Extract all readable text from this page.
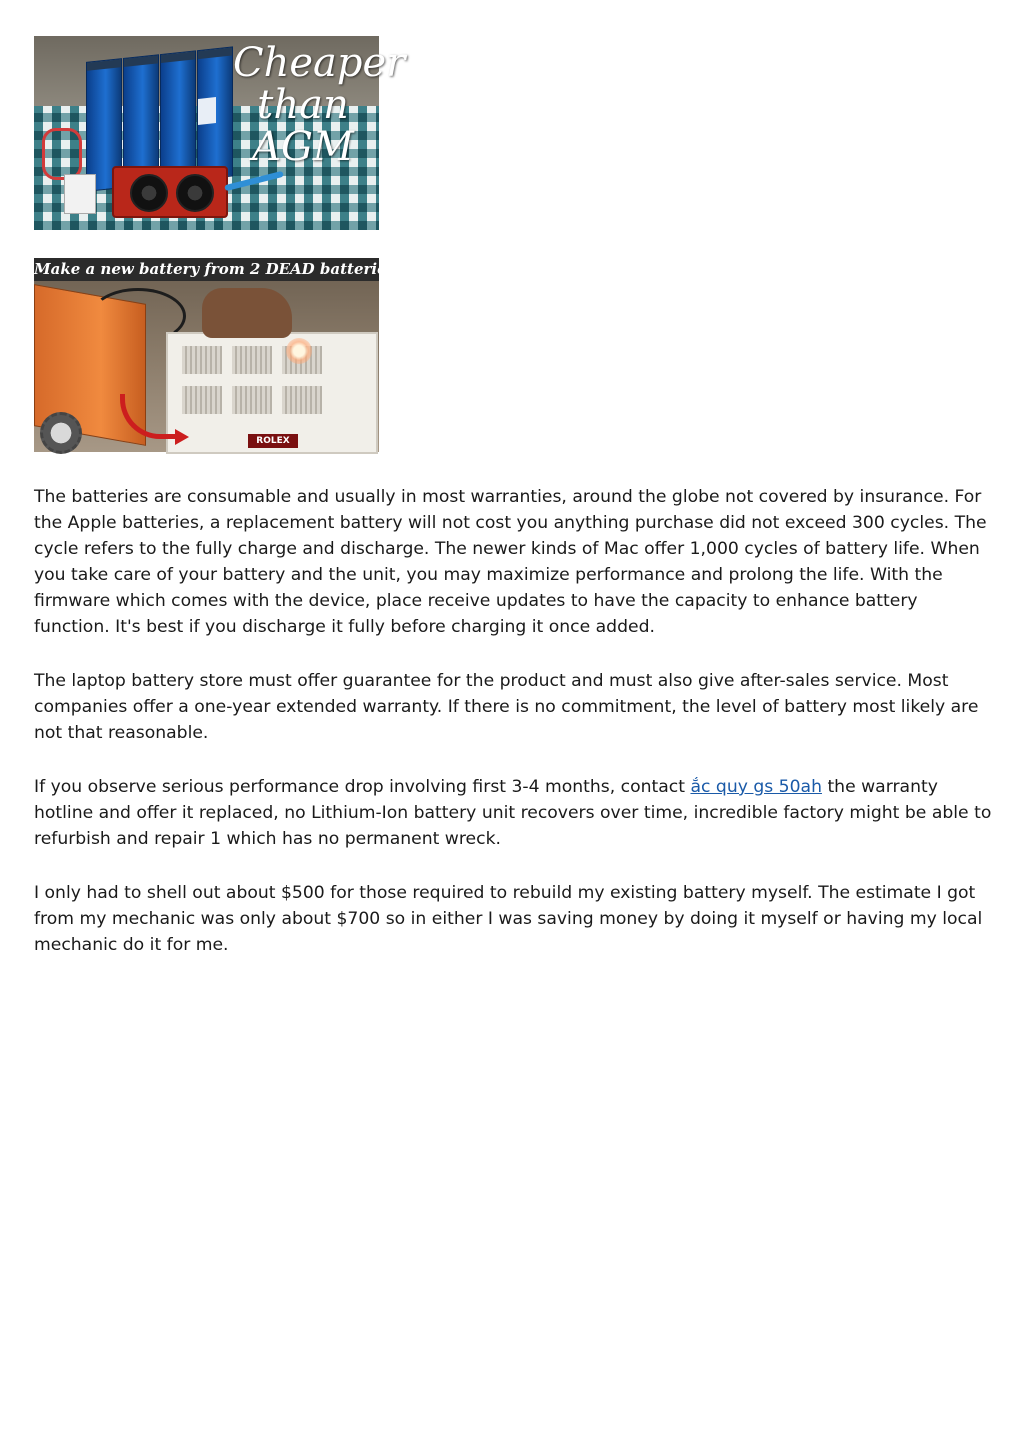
Cheaper
than
AGM
ROLEX
Make a new battery from 2 DEAD batteries

The batteries are consumable and usually in most warranties, around the globe not covered by insurance. For the Apple batteries, a replacement battery will not cost you anything purchase did not exceed 300 cycles. The cycle refers to the fully charge and discharge. The newer kinds of Mac offer 1,000 cycles of battery life. When you take care of your battery and the unit, you may maximize performance and prolong the life. With the firmware which comes with the device, place receive updates to have the capacity to enhance battery function. It's best if you discharge it fully before charging it once added.

The laptop battery store must offer guarantee for the product and must also give after-sales service. Most companies offer a one-year extended warranty. If there is no commitment, the level of battery most likely are not that reasonable.

If you observe serious performance drop involving first 3-4 months, contact ắc quy gs 50ah the warranty hotline and offer it replaced, no Lithium-Ion battery unit recovers over time, incredible factory might be able to refurbish and repair 1 which has no permanent wreck.

I only had to shell out about $500 for those required to rebuild my existing battery myself. The estimate I got from my mechanic was only about $700 so in either I was saving money by doing it myself or having my local mechanic do it for me.
